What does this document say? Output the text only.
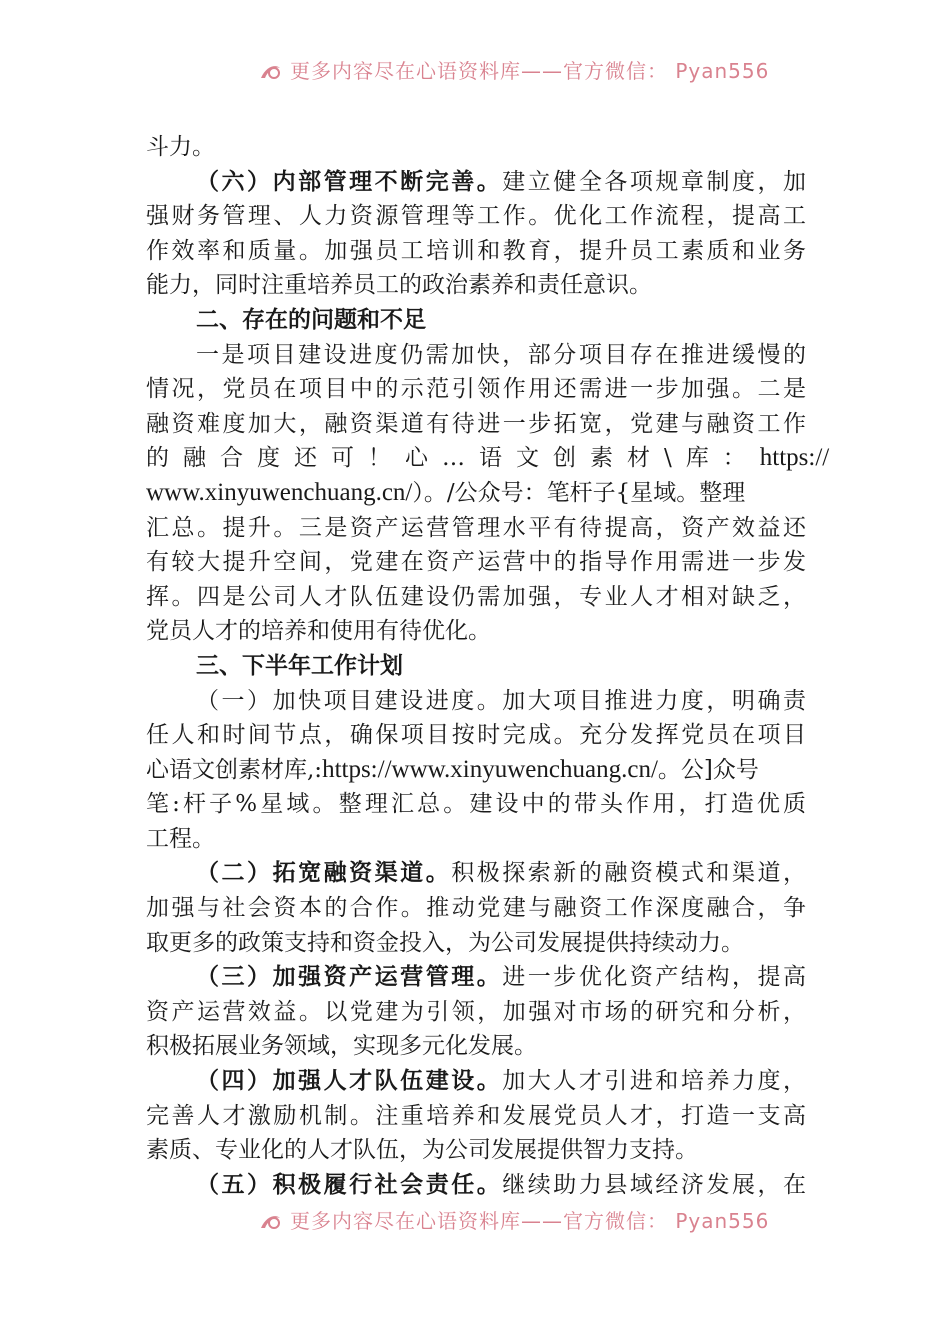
更多内容尽在心语资料库——官方微信： Pyan556
斗力。
（六）内部管理不断完善。建立健全各项规章制度，加
强财务管理、人力资源管理等工作。优化工作流程，提高工
作效率和质量。加强员工培训和教育，提升员工素质和业务
能力，同时注重培养员工的政治素养和责任意识。
二、存在的问题和不足
一是项目建设进度仍需加快，部分项目存在推进缓慢的
情况，党员在项目中的示范引领作用还需进一步加强。二是
融资难度加大，融资渠道有待进一步拓宽，党建与融资工作
的融合度还可！心…语文创素材\库： https://
www.xinyuwenchuang.cn/）。/公众号：笔杆子{星域。整理
汇总。提升。三是资产运营管理水平有待提高，资产效益还
有较大提升空间，党建在资产运营中的指导作用需进一步发
挥。四是公司人才队伍建设仍需加强，专业人才相对缺乏，
党员人才的培养和使用有待优化。
三、下半年工作计划
（一）加快项目建设进度。加大项目推进力度，明确责
任人和时间节点，确保项目按时完成。充分发挥党员在项目
心语文创素材库,:https://www.xinyuwenchuang.cn/。公]众号
笔:杆子%星域。整理汇总。建设中的带头作用，打造优质
工程。
（二）拓宽融资渠道。积极探索新的融资模式和渠道，
加强与社会资本的合作。推动党建与融资工作深度融合，争
取更多的政策支持和资金投入，为公司发展提供持续动力。
（三）加强资产运营管理。进一步优化资产结构，提高
资产运营效益。以党建为引领，加强对市场的研究和分析，
积极拓展业务领域，实现多元化发展。
（四）加强人才队伍建设。加大人才引进和培养力度，
完善人才激励机制。注重培养和发展党员人才，打造一支高
素质、专业化的人才队伍，为公司发展提供智力支持。
（五）积极履行社会责任。继续助力县域经济发展，在
更多内容尽在心语资料库——官方微信： Pyan556
